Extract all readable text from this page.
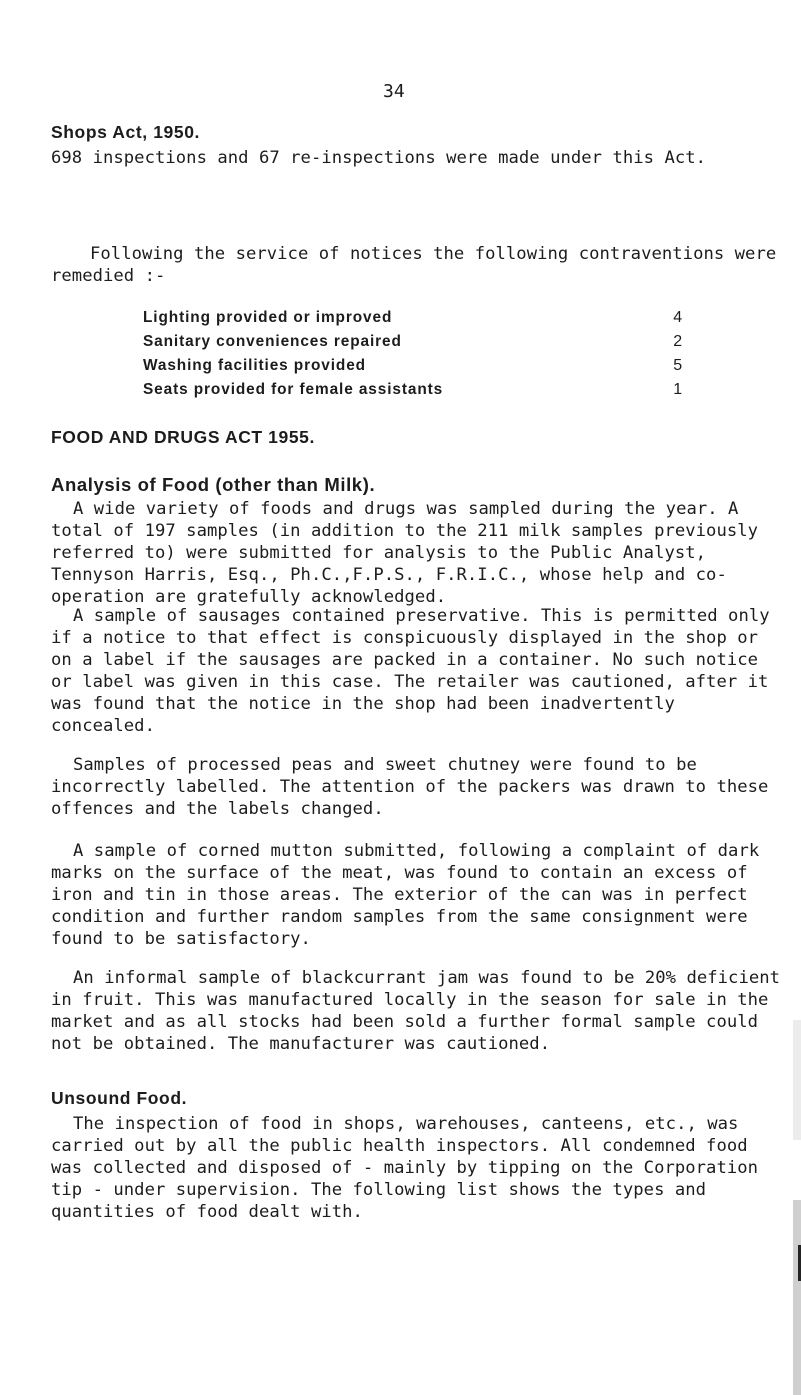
34
Shops Act, 1950.

698 inspections and 67 re-inspections were made under this Act.

Following the service of notices the following contraventions were remedied :-

Lighting provided or improved	4
Sanitary conveniences repaired	2
Washing facilities provided	5
Seats provided for female assistants	1
FOOD AND DRUGS ACT 1955.
Analysis of Food (other than Milk).

A wide variety of foods and drugs was sampled during the year. A total of 197 samples (in addition to the 211 milk samples previously referred to) were submitted for analysis to the Public Analyst, Tennyson Harris, Esq., Ph.C.,F.P.S., F.R.I.C., whose help and co-operation are gratefully acknowledged.

A sample of sausages contained preservative. This is permitted only if a notice to that effect is conspicuously displayed in the shop or on a label if the sausages are packed in a container. No such notice or label was given in this case. The retailer was cautioned, after it was found that the notice in the shop had been inadvertently concealed.

Samples of processed peas and sweet chutney were found to be incorrectly labelled. The attention of the packers was drawn to these offences and the labels changed.

A sample of corned mutton submitted, following a complaint of dark marks on the surface of the meat, was found to contain an excess of iron and tin in those areas. The exterior of the can was in perfect condition and further random samples from the same consignment were found to be satisfactory.

An informal sample of blackcurrant jam was found to be 20% deficient in fruit. This was manufactured locally in the season for sale in the market and as all stocks had been sold a further formal sample could not be obtained. The manufacturer was cautioned.

Unsound Food.

The inspection of food in shops, warehouses, canteens, etc., was carried out by all the public health inspectors. All condemned food was collected and disposed of - mainly by tipping on the Corporation tip - under supervision. The following list shows the types and quantities of food dealt with.
